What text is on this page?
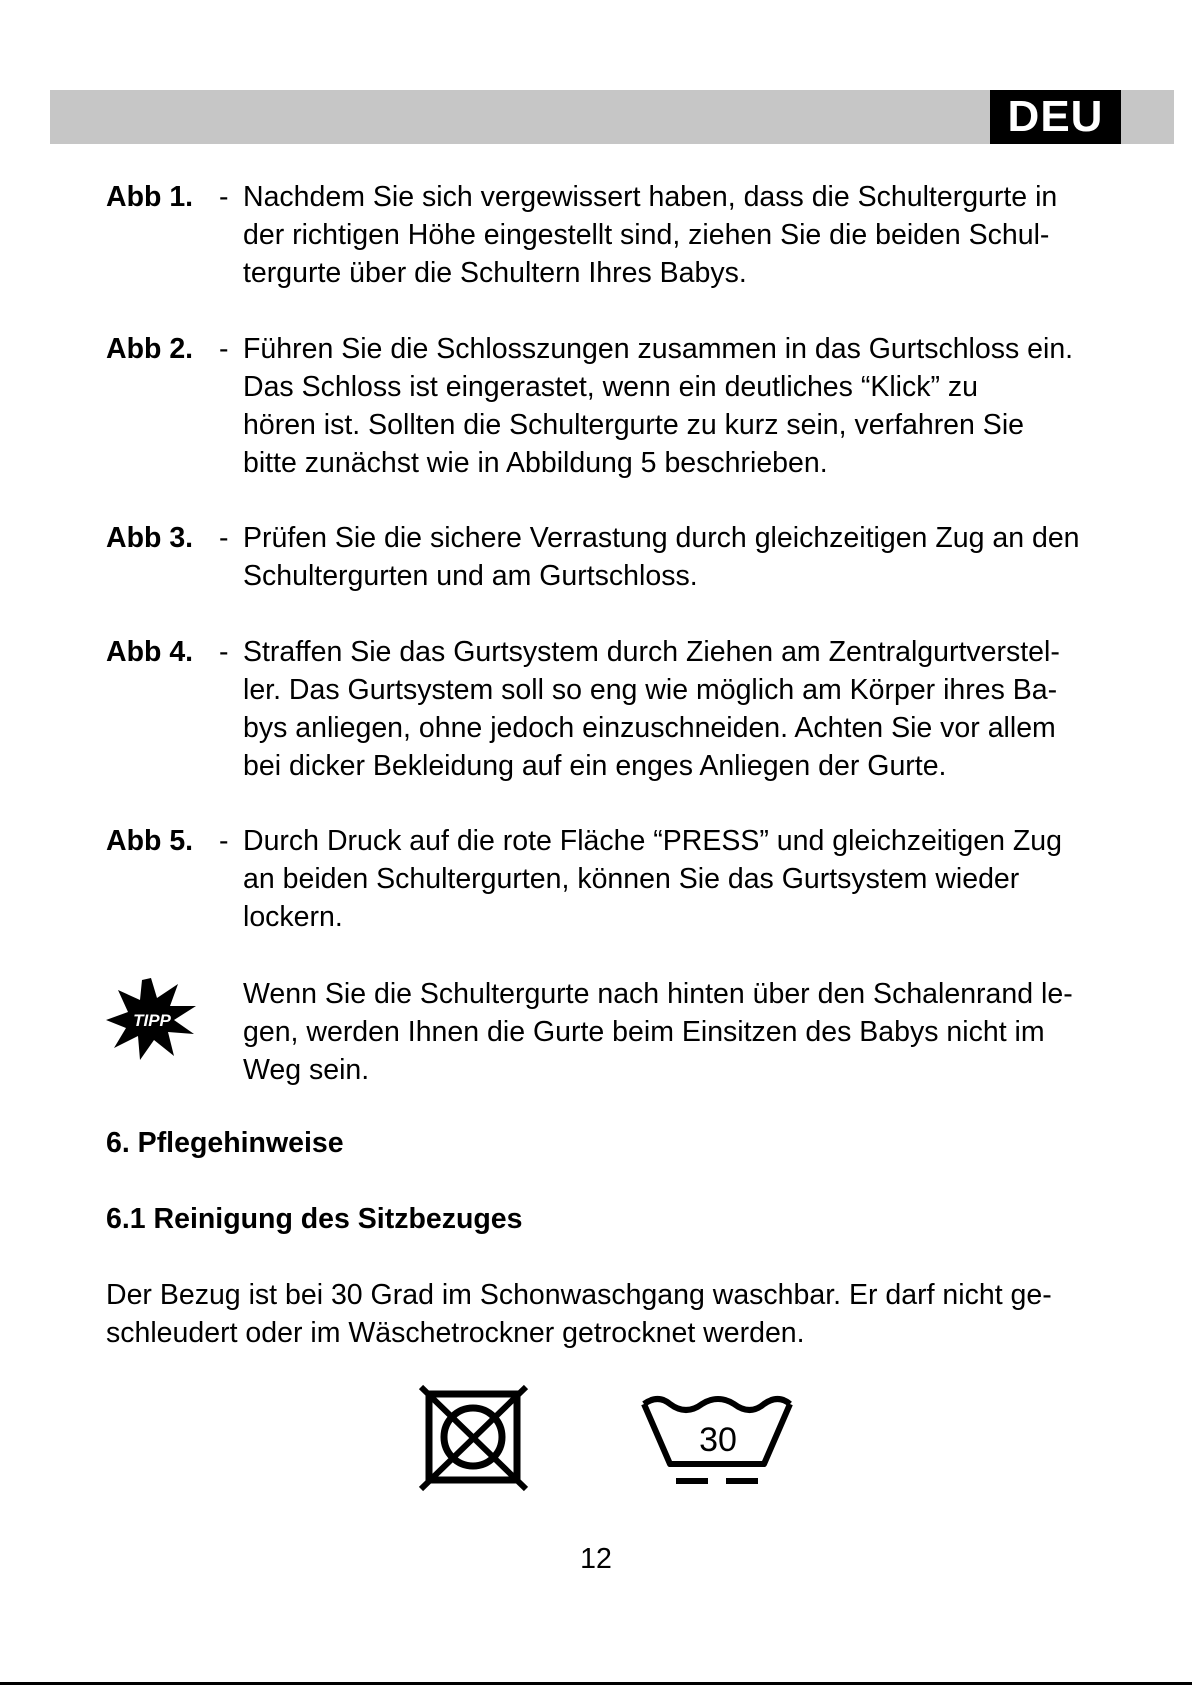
DEU
Abb 1. - Nachdem Sie sich vergewissert haben, dass die Schultergurte in
der richtigen Höhe eingestellt sind, ziehen Sie die beiden Schul-
tergurte über die Schultern Ihres Babys.
Abb 2. - Führen Sie die Schlosszungen zusammen in das Gurtschloss ein.
Das Schloss ist eingerastet, wenn ein deutliches “Klick” zu
hören ist. Sollten die Schultergurte zu kurz sein, verfahren Sie
bitte zunächst wie in Abbildung 5 beschrieben.
Abb 3. - Prüfen Sie die sichere Verrastung durch gleichzeitigen Zug an den
Schultergurten und am Gurtschloss.
Abb 4. - Straffen Sie das Gurtsystem durch Ziehen am Zentralgurtverstel-
ler. Das Gurtsystem soll so eng wie möglich am Körper ihres Ba-
bys anliegen, ohne jedoch einzuschneiden. Achten Sie vor allem
bei dicker Bekleidung auf ein enges Anliegen der Gurte.
Abb 5. - Durch Druck auf die rote Fläche “PRESS” und gleichzeitigen Zug
an beiden Schultergurten, können Sie das Gurtsystem wieder
lockern.
TIPP
Wenn Sie die Schultergurte nach hinten über den Schalenrand le-
gen, werden Ihnen die Gurte beim Einsitzen des Babys nicht im
Weg sein.
6. Pflegehinweise
6.1 Reinigung des Sitzbezuges
Der Bezug ist bei 30 Grad im Schonwaschgang waschbar. Er darf nicht ge-
schleudert oder im Wäschetrockner getrocknet werden.
30
12
